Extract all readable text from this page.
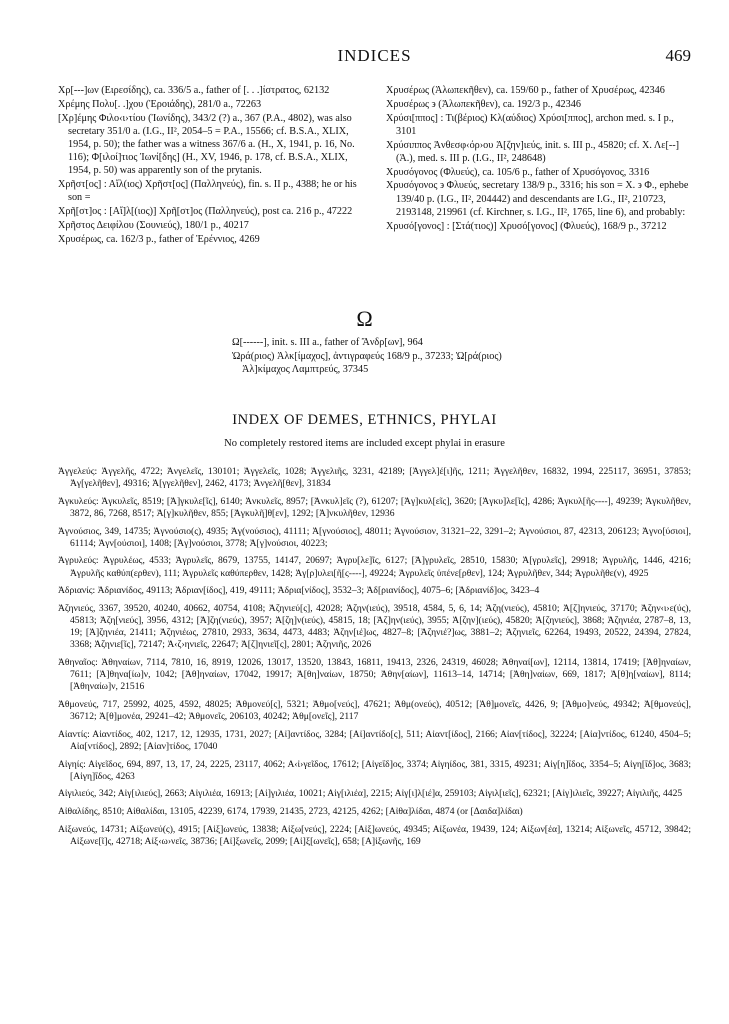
INDICES	469

Χρ[---]ων (Ειρεσίδης), ca. 336/5 a., father of [. . .]ίστρατος, 62132

Χρέμης Πολυ[. .]χου (Ἐροιάδης), 281/0 a., 72263

[Χρ]έμης Φιλο‹ι›τίου (Ἰωνίδης), 343/2 (?) a., 367 (P.A., 4802), was also secretary 351/0 a. (I.G., II², 2054–5 = P.A., 15566; cf. B.S.A., XLIX, 1954, p. 50); the father was a witness 367/6 a. (H., X, 1941, p. 16, No. 116); Φ[ιλοί]τιος Ἰωνί[δης] (H., XV, 1946, p. 178, cf. B.S.A., XLIX, 1954, p. 50) was apparently son of the prytanis.

Χρῆστ[ος] : Αἴλ(ιος) Χρῆστ[ος] (Παλληνεύς), fin. s. II p., 4388; he or his son =

Χρῆ[στ]ος : [Αἴ]λ[(ιος)] Χρῆ[στ]ος (Παλληνεύς), post ca. 216 p., 47222

Χρῆστος Δειφίλου (Σουνιεύς), 180/1 p., 40217

Χρυσέρως, ca. 162/3 p., father of Ἐρέννιος, 4269

Χρυσέρως (Ἀλωπεκῆθεν), ca. 159/60 p., father of Χρυσέρως, 42346

Χρυσέρως ϶ (Ἀλωπεκῆθεν), ca. 192/3 p., 42346

Χρύσι[ππος] : Τι(βέριος) Κλ(αύδιος) Χρύσι[ππος], archon med. s. I p., 3101

Χρύσιππος Ἀνθεσφ‹όρ›ου Ἀ[ζην]ιεύς, init. s. III p., 45820; cf. Χ. Λε[--] (Ἀ.), med. s. III p. (I.G., II², 248648)

Χρυσόγονος (Φλυεύς), ca. 105/6 p., father of Χρυσόγονος, 3316

Χρυσόγονος ϶ Φλυεύς, secretary 138/9 p., 3316; his son = Χ. ϶ Φ., ephebe 139/40 p. (I.G., II², 204442) and descendants are I.G., II², 210723, 2193148, 219961 (cf. Kirchner, s. I.G., II², 1765, line 6), and probably:

Χρυσό[γονος] : [Στά(τιος)] Χρυσό[γονος] (Φλυεύς), 168/9 p., 37212

Ω

Ω[------], init. s. III a., father of Ἄνδρ[ων], 964

Ὡρά(ριος) Ἀλκ[ίμαχος], ἀντιγραφεύς 168/9 p., 37233; Ὡ[ρά(ριος) Ἀλ]κίμαχος Λαμπτρεύς, 37345

INDEX OF DEMES, ETHNICS, PHYLAI
No completely restored items are included except phylai in erasure

Ἀγγελεύς: Ἀγγελῆς, 4722; Ἀνγελεῖς, 130101; Ἀγγελεῖς, 1028; Ἀγγελιῆς, 3231, 42189; [Ἀγγελ]έ[ι]ῆς, 1211; Ἀγγελῆθεν, 16832, 1994, 225117, 36951, 37853; Ἀγ[γελῆθεν], 49316; Ἀ[γγελῆθεν], 2462, 4173; Ἀνγελῆ[θεν], 31834

Ἀγκυλεύς: Ἀγκυλεῖς, 8519; [Ἀ]γκυλε[ῖς], 6140; Ἀνκυλεῖς, 8957; [Ἀνκυλ]εῖς (?), 61207; [Ἀγ]κυλ[εῖς], 3620; [Ἀγκυ]λε[ῖς], 4286; Ἀγκυλ[ῆς----], 49239; Ἀγκυλῆθεν, 3872, 86, 7268, 8517; Ἀ[γ]κυλῆθεν, 855; [Ἀγκυλῆ]θ[εν], 1292; [Ἀ]νκυλῆθεν, 12936

Ἀγνούσιος, 349, 14735; Ἀγνούσιο(ς), 4935; Ἀγ(νούσιος), 41111; Ἀ[γνούσιος], 48011; Ἀγνούσιον, 31321–22, 3291–2; Ἀγνούσιοι, 87, 42313, 206123; Ἀγνο[ύσιοι], 61114; Ἀγν[ούσιοι], 1408; [Ἀγ]νούσιοι, 3778; Ἀ[γ]νούσιοι, 40223;

Ἀγρυλεύς: Ἀγρυλέως, 4533; Ἀγρυλεῖς, 8679, 13755, 14147, 20697; Ἀγρυ[λε]ῖς, 6127; [Ἀ]γρυλεῖς, 28510, 15830; Ἀ[γρυλεῖς], 29918; Ἀγρυλῆς, 1446, 4216; Ἀγρυλῆς καθύπ(ερθεν), 111; Ἀγρυλεῖς καθύπερθεν, 1428; Ἀγ[ρ]υλει[ῆ[ς----], 49224; Ἀγρυλεῖς ὑπένε[ρθεν], 124; Ἀγρυλῆθεν, 344; Ἀγρυλῆθε(ν), 4925

Ἀδριανίς: Ἀδριανίδος, 49113; Ἀδριαν[ίδος], 419, 49111; Ἀδρια[νίδος], 3532–3; Ἀδ[ριανίδος], 4075–6; [Ἀδριανίδ]ος, 3423–4

Ἀζηνιεύς, 3367, 39520, 40240, 40662, 40754, 4108; Ἀζηνιεύ[ς], 42028; Ἀζην(ιεύς), 39518, 4584, 5, 6, 14; Ἀζη(νιεύς), 45810; Ἀ[ζ]ηνιεύς, 37170; Ἀζην‹ι›ε(ύς), 45813; Ἀζη[νιεύς], 3956, 4312; [Ἀ]ζη(νιεύς), 3957; Ἀ[ζη]ν(ιεύς), 45815, 18; [Ἀζ]ην(ιεύς), 3955; Ἀ[ζην](ιεύς), 45820; Ἀ[ζηνιεύς], 3868; Ἀζηνιέα, 2787–8, 13, 19; [Ἀ]ζηνιέα, 21411; Ἀζηνιέως, 27810, 2933, 3634, 4473, 4483; Ἀζην[ιέ]ως, 4827–8; [Ἀζηνιέ?]ως, 3881–2; Ἀζηνιεῖς, 62264, 19493, 20522, 24394, 27824, 3368; Ἀζηνιε[ῖς], 72147; Ἀ‹ζ›ηνιεῖς, 22647; Ἀ[ζ]ηνιεῖ[ς], 2801; Ἀζηνιῆς, 2026

Ἀθηναῖος: Ἀθηναίων, 7114, 7810, 16, 8919, 12026, 13017, 13520, 13843, 16811, 19413, 2326, 24319, 46028; Ἀθηναί[ων], 12114, 13814, 17419; [Ἀθ]ηναίων, 7611; [Ἀ]θηνα[ίω]ν, 1042; [Ἀθ]ηναίων, 17042, 19917; Ἀ[θη]ναίων, 18750; Ἀθην[αίων], 11613–14, 14714; [Ἀθη]ναίων, 669, 1817; Ἀ[θ]η[ναίων], 8114; [Ἀθηναίω]ν, 21516

Ἀθμονεύς, 717, 25992, 4025, 4592, 48025; Ἀθμονεύ[ς], 5321; Ἀθμο[νεύς], 47621; Ἀθμ(ονεύς), 40512; [Ἀθ]μονεῖς, 4426, 9; [Ἀθμο]νεύς, 49342; Ἀ[θμονεύς], 36712; Ἀ[θ]μονέα, 29241–42; Ἀθμονεῖς, 206103, 40242; Ἀθμ[ονεῖς], 2117

Αἰαντίς: Αἰαντίδος, 402, 1217, 12, 12935, 1731, 2027; [Αἰ]αντίδος, 3284; [Αἰ]αντίδο[ς], 511; Αἰαντ[ίδος], 2166; Αἰαν[τίδος], 32224; [Αἰα]ντίδος, 61240, 4504–5; Αἰα[ντίδος], 2892; [Αἰαν]τίδος, 17040

Αἰγηίς: Αἰγεῖδος, 694, 897, 13, 17, 24, 2225, 23117, 4062; Α‹ἰ›γεῖδος, 17612; [Αἰγεΐδ]ος, 3374; Αἰγηίδος, 381, 3315, 49231; Αἰγ[η]ΐδος, 3354–5; Αἰγη[ΐδ]ος, 3683; [Αἰγη]ΐδος, 4263

Αἰγιλιεύς, 342; Αἰγ[ιλιεύς], 2663; Αἰγιλιέα, 16913; [Αἰ]γιλιέα, 10021; Αἰγ[ιλιέα], 2215; Αἰγ[ι]λ[ιέ]α, 259103; Αἰγιλ[ιεῖς], 62321; [Αἰγ]ιλιεῖς, 39227; Αἰγιλιῆς, 4425

Αἰθαλίδης, 8510; Αἰθαλίδαι, 13105, 42239, 6174, 17939, 21435, 2723, 42125, 4262; [Αἰθα]λίδαι, 4874 (or [Δαιδα]λίδαι)

Αἰξωνεύς, 14731; Αἰξωνεύ(ς), 4915; [Αἰξ]ωνεύς, 13838; Αἰξω[νεύς], 2224; [Αἰξ]ωνεύς, 49345; Αἰξωνέα, 19439, 124; Αἰξων[έα], 13214; Αἰξωνεῖς, 45712, 39842; Αἰξωνε[ῖ]ς, 42718; Αἰξ‹ω›νεῖς, 38736; [Αἰ]ξωνεῖς, 2099; [Αἰ]ξ[ωνεῖς], 658; [Α]ἰξωνῆς, 169
